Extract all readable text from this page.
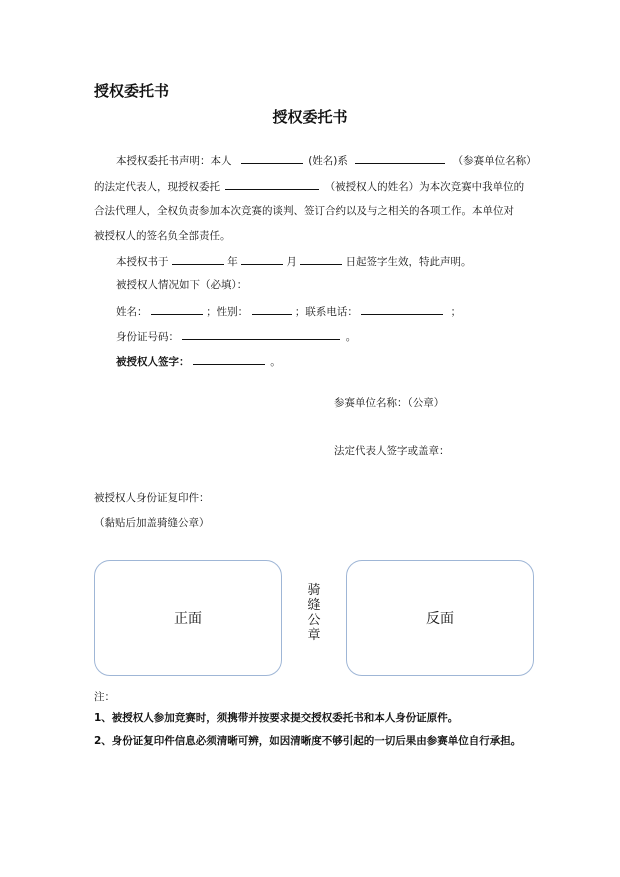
授权委托书
授权委托书
本授权委托书声明：本人	(姓名)系	（参赛单位名称）
的法定代表人，现授权委托	（被授权人的姓名）为本次竞赛中我单位的
合法代理人，全权负责参加本次竞赛的谈判、签订合约以及与之相关的各项工作。本单位对
被授权人的签名负全部责任。
本授权书于	年	月	日起签字生效，特此声明。
被授权人情况如下（必填）：
姓名：	；性别：	；联系电话：	；
身份证号码：	。
被授权人签字：	。
参赛单位名称：（公章）
法定代表人签字或盖章：
被授权人身份证复印件：
（黏贴后加盖骑缝公章）
正面
骑缝公章
反面
注：
1、被授权人参加竞赛时，须携带并按要求提交授权委托书和本人身份证原件。
2、身份证复印件信息必须清晰可辨，如因清晰度不够引起的一切后果由参赛单位自行承担。
